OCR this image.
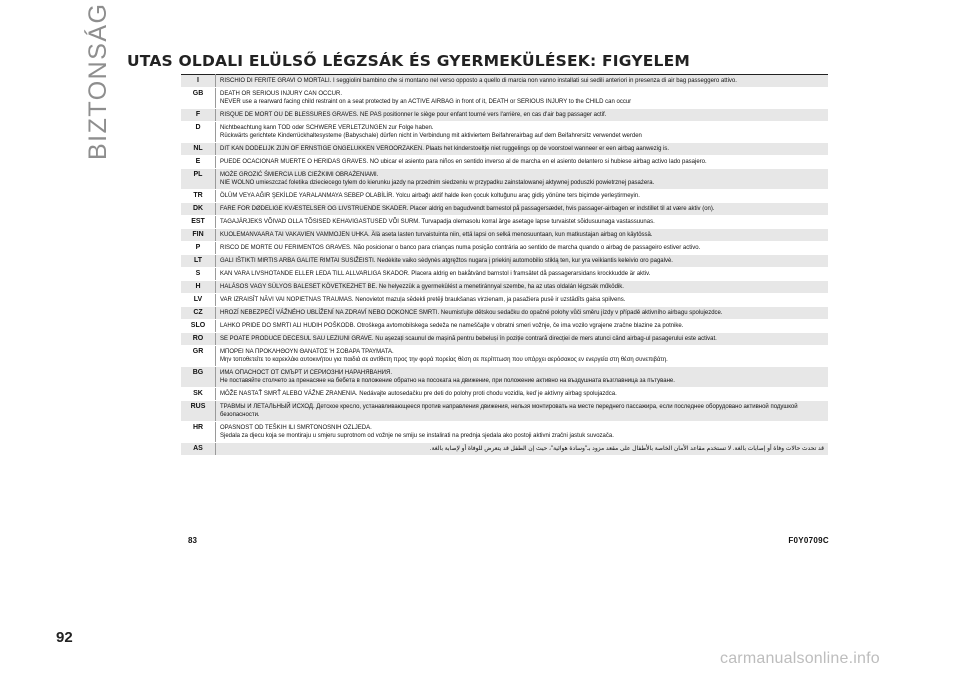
BIZTONSÁG UTAS OLDALI ELÜLSŐ LÉGZSÁK ÉS GYERMEKÜLÉSEK: FIGYELEM
I	RISCHIO DI FERITE GRAVI O MORTALI. I seggiolini bambino che si montano nel verso opposto a quello di marcia non vanno installati sui sedili anteriori in presenza di air bag passeggero attivo.
GB	DEATH OR SERIOUS INJURY CAN OCCUR.
NEVER use a rearward facing child restraint on a seat protected by an ACTIVE AIRBAG in front of it, DEATH or SERIOUS INJURY to the CHILD can occur
F	RISQUE DE MORT OU DE BLESSURES GRAVES. NE PAS positionner le siège pour enfant tourné vers l'arrière, en cas d'air bag passager actif.
D	Nichtbeachtung kann TOD oder SCHWERE VERLETZUNGEN zur Folge haben.
Rückwärts gerichtete Kinderrückhaltesysteme (Babyschale) dürfen nicht in Verbindung mit aktiviertem Beifahrerairbag auf dem Beifahrersitz verwendet werden
NL	DIT KAN DODELIJK ZIJN OF ERNSTIGE ONGELUKKEN VEROORZAKEN. Plaats het kinderstoeltje niet ruggelings op de voorstoel wanneer er een airbag aanwezig is.
E	PUEDE OCACIONAR MUERTE O HERIDAS GRAVES. NO ubicar el asiento para niños en sentido inverso al de marcha en el asiento delantero si hubiese airbag activo lado pasajero.
PL	MOŻE GROZIĆ ŚMIERCIA LUB CIEŻKIMI OBRAŻENIAMI.
NIE WOLNO umieszczać foletika dzieciecego tylem do kierunku jazdy na przednim siedzeniu w przypadku zainstalowanej aktywnej poduszki powietrznej pasażera.
TR	ÖLÜM VEYA AĞIR ŞEKİLDE YARALANMAYA SEBEP OLABİLİR. Yolcu airbağı aktif halde iken çocuk koltuğunu araç gidiş yönüne ters biçimde yerleştirmeyin.
DK	FARE FOR DØDELIGE KVÆSTELSER OG LIVSTRUENDE SKADER. Placer aldrig en bagudvendt barnestol på passagersædet, hvis passager-airbagen er indstillet til at være aktiv (on).
EST	TAGAJÄRJEKS VÕIVAD OLLA TÕSISED KEHAVIGASTUSED VÕI SURM. Turvapadja olemasolu korral ärge asetage lapse turvaistet sõidusuunaga vastassuunas.
FIN	KUOLEMANVAARA TAI VAKAVIEN VAMMOJEN UHKA. Älä aseta lasten turvaistuinta niin, että lapsi on selkä menosuuntaan, kun matkustajan airbag on käytössä.
P	RISCO DE MORTE OU FERIMENTOS GRAVES. Não posicionar o banco para crianças numa posição contrária ao sentido de marcha quando o airbag de passageiro estiver activo.
LT	GALI IŠTIKTI MIRTIS ARBA GALITE RIMTAI SUSIŽEISTI. Nedėkite vaiko sėdynės atgręžtos nugara į priekinį automobilio stiklą ten, kur yra veikiantis keleivio oro pagalvė.
S	KAN VARA LIVSHOTANDE ELLER LEDA TILL ALLVARLIGA SKADOR. Placera aldrig en bakåtvänd barnstol i framsätet då passagerarsidans krockkudde är aktiv.
H	HALÁSOS VAGY SÚLYOS BALESET KÖVETKEZHET BE. Ne helyezzük a gyermekülést a menetiránnyal szembe, ha az utas oldalán légzsák működik.
LV	VAR IZRAISĪT NĀVI VAI NOPIETNAS TRAUMAS. Nenovietot mazuļa sēdekli pretēji braukšanas virzienam, ja pasažiera pusē ir uzstādīts gaisa spilvens.
CZ	HROZÍ NEBEZPEČÍ VÁŽNÉHO UBLÍŽENÍ NA ZDRAVÍ NEBO DOKONCE SMRTI. Neumisťujte dětskou sedačku do opačné polohy vůči směru jízdy v případě aktivního airbagu spolujezdce.
SLO	LAHKO PRIDE DO SMRTI ALI HUDIH POŠKODB. Otroškega avtomobilskega sedeža ne nameščajte v obratni smeri vožnje, če ima vozilo vgrajene zračne blazine za potnike.
RO	SE POATE PRODUCE DECESUL SAU LEZIUNI GRAVE. Nu așezați scaunul de mașină pentru bebeluși în poziție contrară direcției de mers atunci când airbag-ul pasagerului este activat.
GR	ΜΠΟΡΕΙ ΝΑ ΠΡΟΚΛΗΘΟΥΝ ΘΑΝΑΤΟΣ Ή ΣΟΒΑΡΑ ΤΡΑΥΜΑΤΑ.
Μην τοποθετείτε το καρεκλάκι αυτοκινήτου για παιδιά σε αντίθετη προς την φορά πορείας θέση σε περίπτωση που υπάρχει αερόσακος εν ενεργεία στη θέση συνεπιβάτη.
BG	ИМА ОПАСНОСТ ОТ СМЪРТ И СЕРИОЗНИ НАРАНЯВАНИЯ.
Не поставяйте столчето за пренасяне на бебета в положение обратно на посоката на движение, при положение активно на въздушната възглавница за пътуване.
SK	MÔŽE NASTAŤ SMRŤ ALEBO VÁŽNE ZRANENIA. Nedávajte autosedačku pre deti do polohy proti chodu vozidla, keď je aktívny airbag spolujazdca.
RUS	ТРАВМЫ И ЛЕТАЛЬНЫЙ ИСХОД. Детское кресло, устанавливающееся против направления движения, нельзя монтировать на месте переднего пассажира, если последнее оборудовано активной подушкой безопасности.
HR	OPASNOST OD TEŠKIH ILI SMRTONOSNIH OZLJEDA.
Sjedala za djecu koja se montiraju u smjeru suprotnom od vožnje ne smiju se instalirati na prednja sjedala ako postoji aktivni zračni jastuk suvozača.
AS	قد تحدث حالات وفاة أو إصابات بالغة. لا تستخدم مقاعد الأمان الخاصة بالأطفال على مقعد مزود بـ"وسادة هوائية"، حيث إن الطفل قد يتعرض للوفاة أو لإصابة بالغة.
83	F0Y0709C
92
carmanualsonline.info
